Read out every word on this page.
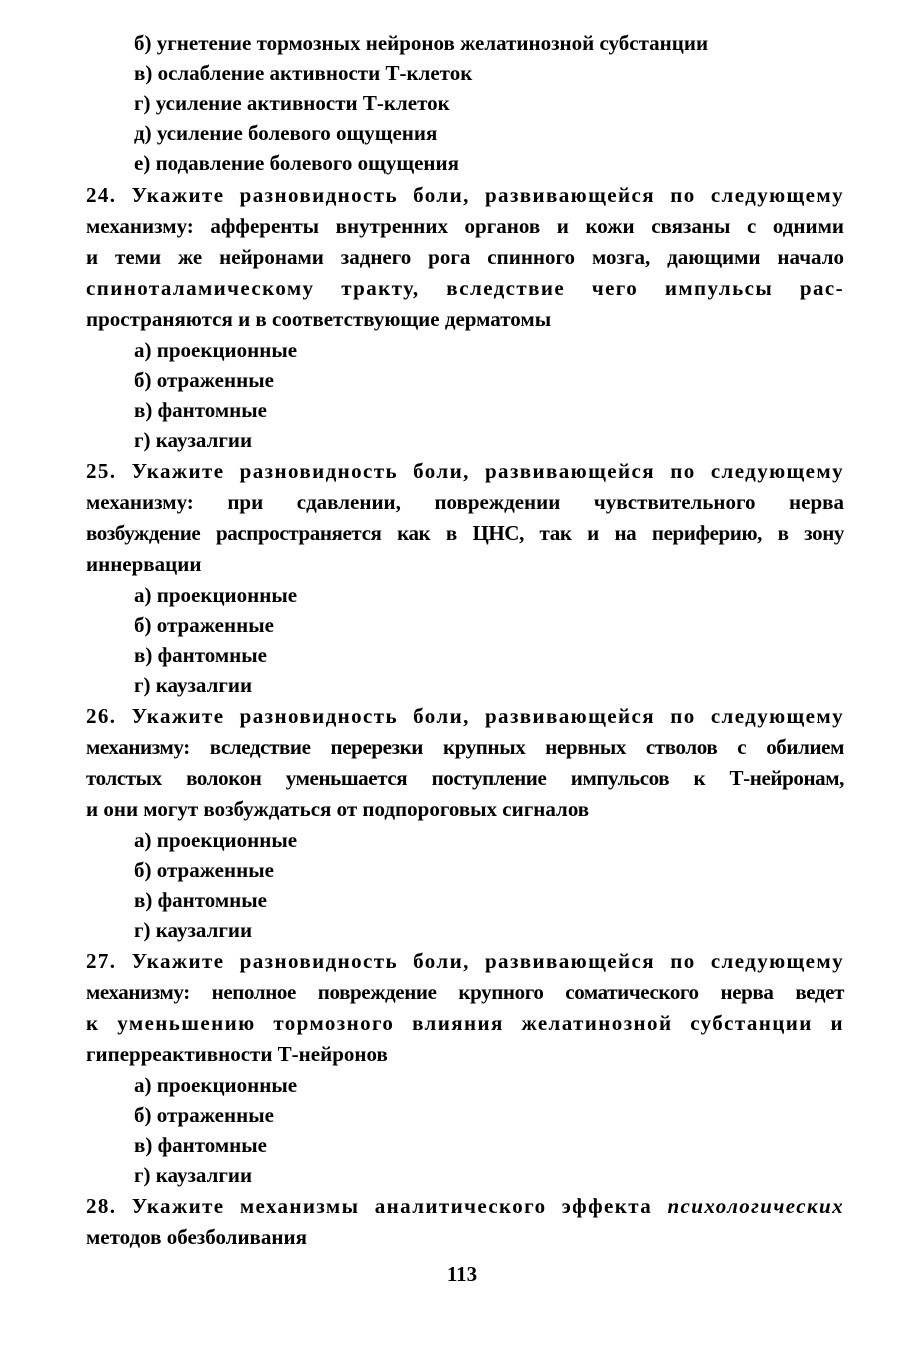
б) угнетение тормозных нейронов желатинозной субстанции
в) ослабление активности Т-клеток
г) усиление активности Т-клеток
д) усиление болевого ощущения
е) подавление болевого ощущения
24. Укажите разновидность боли, развивающейся по следующему
механизму: афференты внутренних органов и кожи связаны с одними
и теми же нейронами заднего рога спинного мозга, дающими начало
спиноталамическому тракту, вследствие чего импульсы рас-
пространяются и в соответствующие дерматомы
а) проекционные
б) отраженные
в) фантомные
г) каузалгии
25. Укажите разновидность боли, развивающейся по следующему
механизму: при сдавлении, повреждении чувствительного нерва
возбуждение распространяется как в ЦНС, так и на периферию, в зону
иннервации
а) проекционные
б) отраженные
в) фантомные
г) каузалгии
26. Укажите разновидность боли, развивающейся по следующему
механизму: вследствие перерезки крупных нервных стволов с обилием
толстых волокон уменьшается поступление импульсов к Т-нейронам,
и они могут возбуждаться от подпороговых сигналов
а) проекционные
б) отраженные
в) фантомные
г) каузалгии
27. Укажите разновидность боли, развивающейся по следующему
механизму: неполное повреждение крупного соматического нерва ведет
к уменьшению тормозного влияния желатинозной субстанции и
гиперреактивности Т-нейронов
а) проекционные
б) отраженные
в) фантомные
г) каузалгии
28. Укажите механизмы аналитического эффекта психологических
методов обезболивания
113
